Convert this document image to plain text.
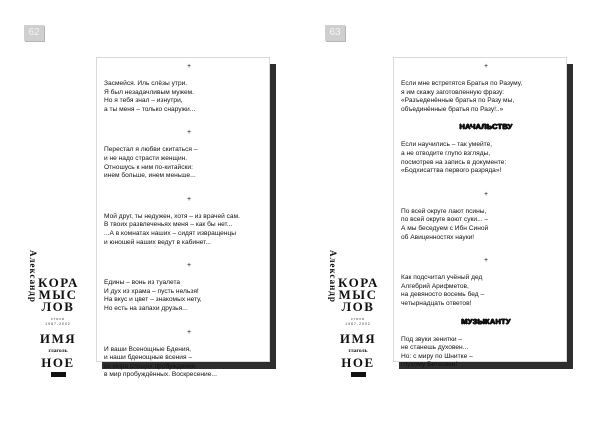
62	63
Александр КОРА
МЫС
ЛОВ
стихи
1987-2002
ИМЯ
глаголь
НОЕ
Александр КОРА
МЫС
ЛОВ
стихи
1987-2002
ИМЯ
глаголь
НОЕ
+
Засмейся. Иль слёзы утри.
Я был незадачливым мужем.
Но я тебя знал – изнутри,
а ты меня – только снаружи...
+
Перестал я любви скитаться –
и не надо страсти женщин.
Отношусь к ним по-китайски:
инем больше, инем меньше...
+
Мой друг, ты недужен, хотя – из врачей сам.
В твоих развлеченьях меня – как бы нет...
...А в комнатах наших – сидят извращенцы
и юношей наших ведут в кабинет...
+
Едины – вонь из туалета
И дух из храма – пусть нельзя!
На вкус и цвет – знакомых нету,
Но есть на запахи друзья...
+
И ваши Всенощные Бдения,
и наши бденощные всения –
из мира спящих пробуждение
в мир пробуждённых. Воскресение...
+
Если мне встретятся Братья по Разуму,
я им скажу заготовленную фразу:
«Разъеденённые братья по Разу мы,
объединённые братья по Разу!..»
НАЧАЛЬСТВУ
Если научились – так умейте,
а не отводите глупо взгляды,
посмотрев на запись в документе:
«Бодхисаттва первого разряда»!
+
По всей округе лают псины,
по всей округе воют суки... –
А мы беседуем с Ибн Синой
об Авиценностях науки!
+
Как подсчитал учёный дед
Алгебрий Арифметов,
на девяносто восемь бед –
четырнадцать ответов!
МУЗЫКАНТУ
Под звуки зенитки –
не станешь духовен...
Но: с миру по Шнитке –
глухому Бетховен!
